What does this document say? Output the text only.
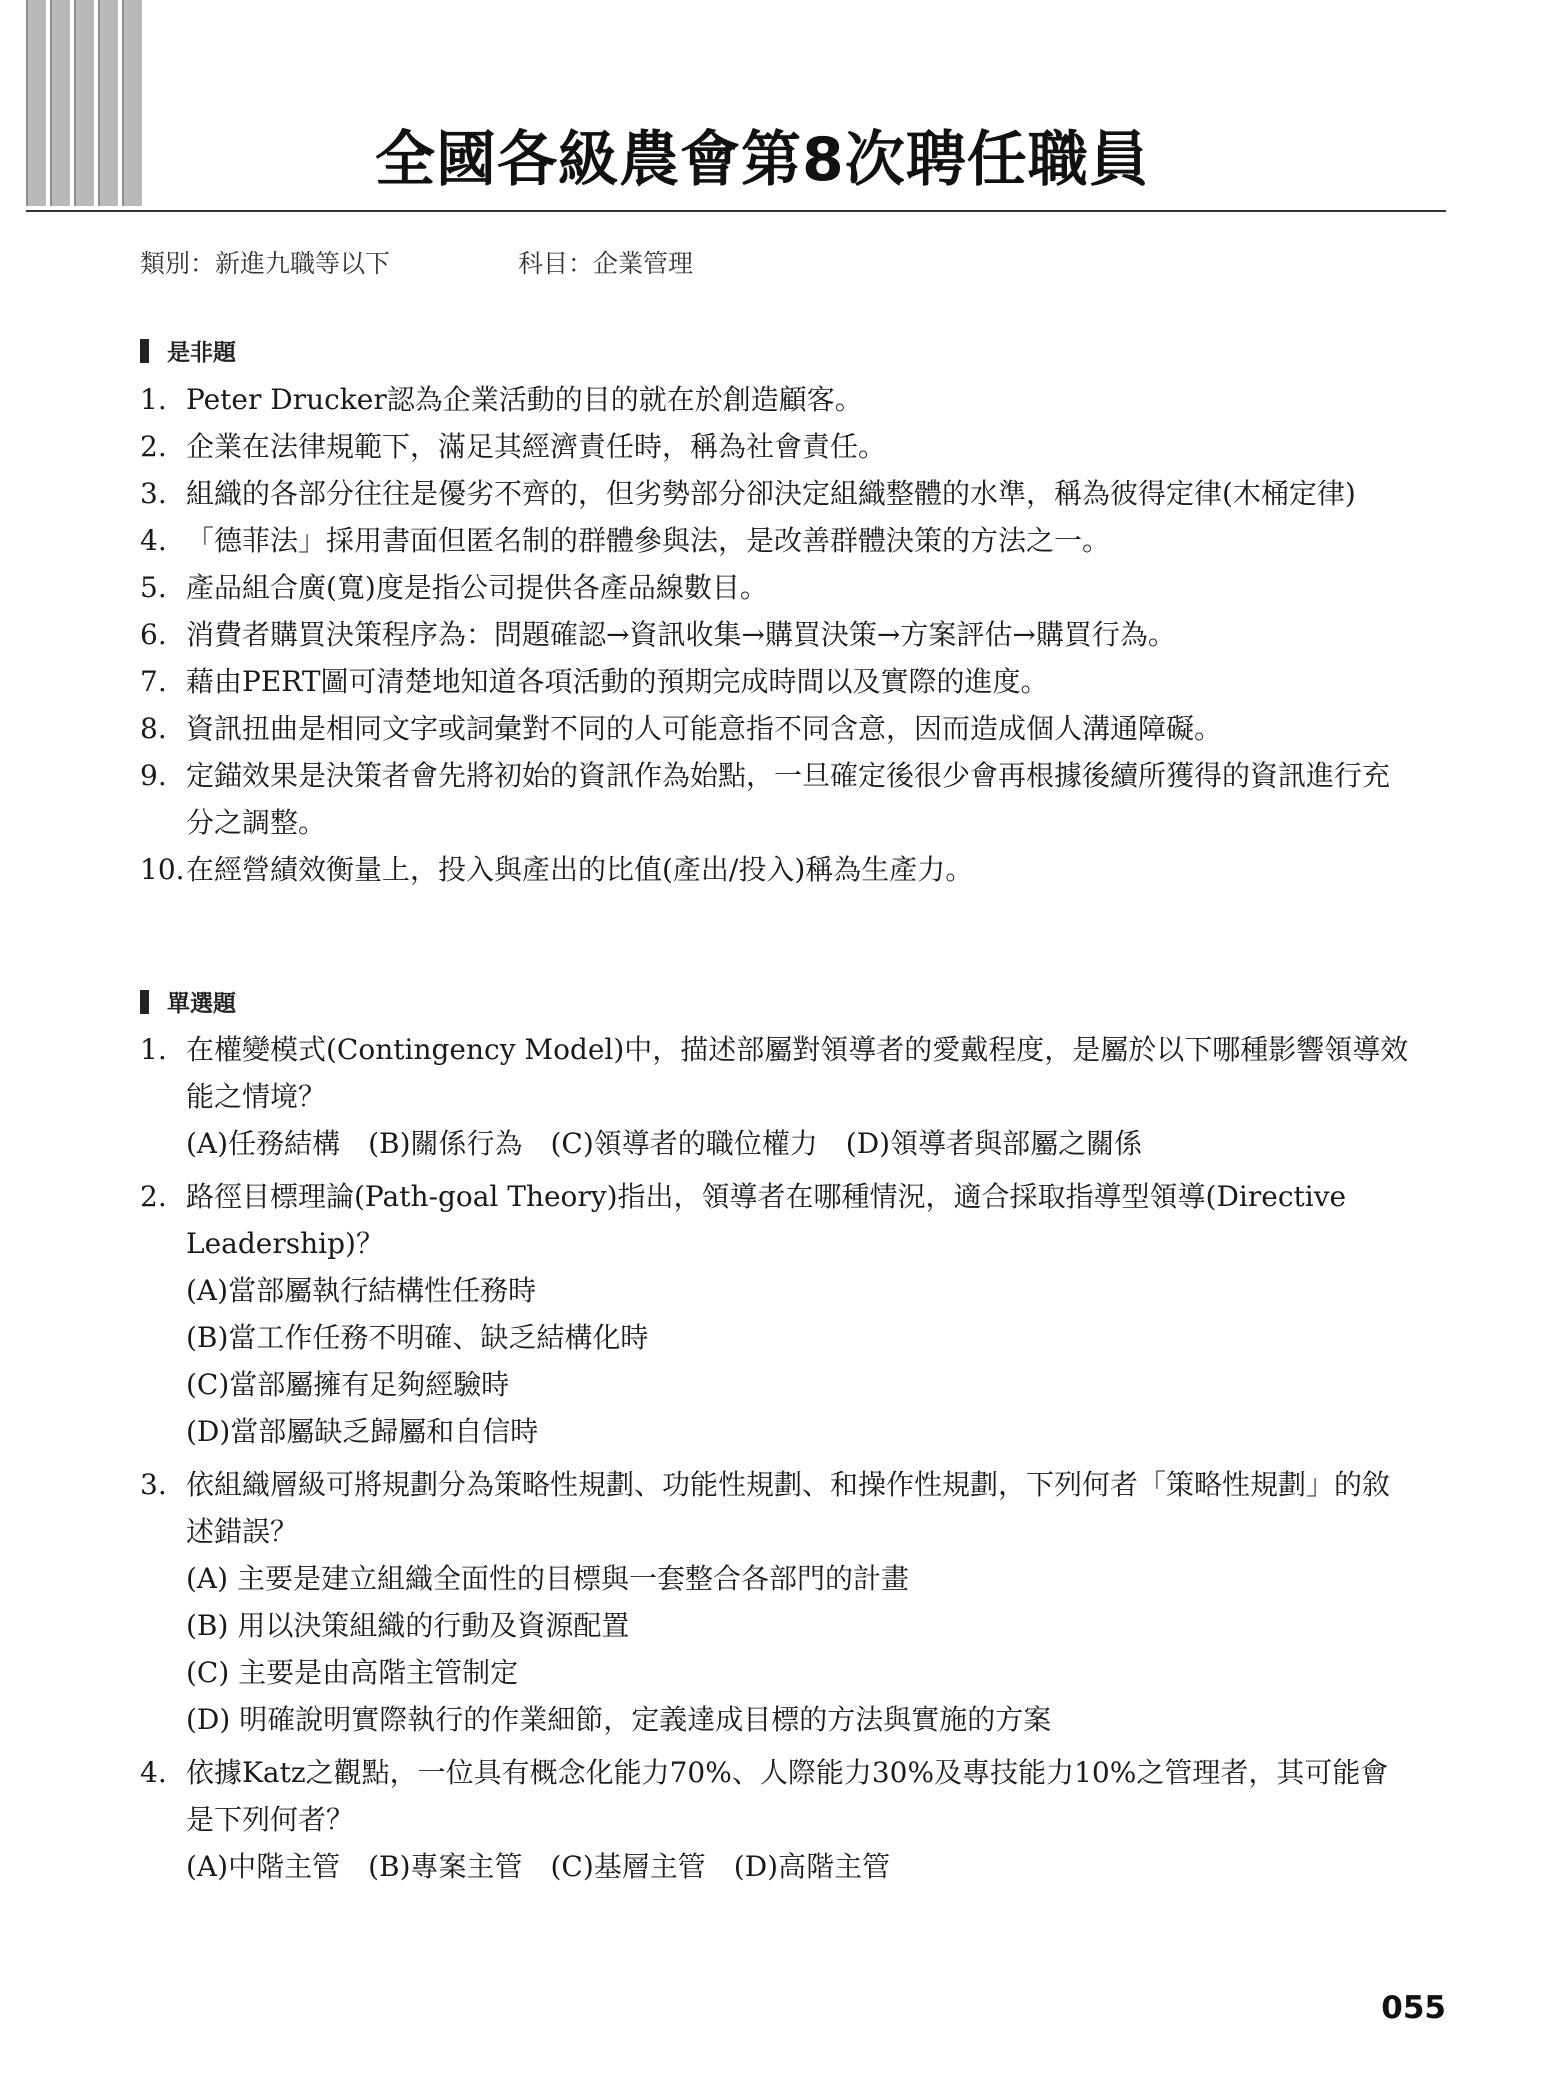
全國各級農會第8次聘任職員
類別：新進九職等以下	科目：企業管理
是非題
1. Peter Drucker認為企業活動的目的就在於創造顧客。
2. 企業在法律規範下，滿足其經濟責任時，稱為社會責任。
3. 組織的各部分往往是優劣不齊的，但劣勢部分卻決定組織整體的水準，稱為彼得定律(木桶定律)
4. 「德菲法」採用書面但匿名制的群體參與法，是改善群體決策的方法之一。
5. 產品組合廣(寬)度是指公司提供各產品線數目。
6. 消費者購買決策程序為：問題確認→資訊收集→購買決策→方案評估→購買行為。
7. 藉由PERT圖可清楚地知道各項活動的預期完成時間以及實際的進度。
8. 資訊扭曲是相同文字或詞彙對不同的人可能意指不同含意，因而造成個人溝通障礙。
9. 定錨效果是決策者會先將初始的資訊作為始點，一旦確定後很少會再根據後續所獲得的資訊進行充分之調整。
10. 在經營績效衡量上，投入與產出的比值(產出/投入)稱為生產力。
單選題
1. 在權變模式(Contingency Model)中，描述部屬對領導者的愛戴程度，是屬於以下哪種影響領導效能之情境？
(A)任務結構　(B)關係行為　(C)領導者的職位權力　(D)領導者與部屬之關係
2. 路徑目標理論(Path-goal Theory)指出，領導者在哪種情況，適合採取指導型領導(Directive Leadership)？
(A)當部屬執行結構性任務時
(B)當工作任務不明確、缺乏結構化時
(C)當部屬擁有足夠經驗時
(D)當部屬缺乏歸屬和自信時
3. 依組織層級可將規劃分為策略性規劃、功能性規劃、和操作性規劃，下列何者「策略性規劃」的敘述錯誤？
(A) 主要是建立組織全面性的目標與一套整合各部門的計畫
(B) 用以決策組織的行動及資源配置
(C) 主要是由高階主管制定
(D) 明確說明實際執行的作業細節，定義達成目標的方法與實施的方案
4. 依據Katz之觀點，一位具有概念化能力70%、人際能力30%及專技能力10%之管理者，其可能會是下列何者？
(A)中階主管　(B)專案主管　(C)基層主管　(D)高階主管
055
